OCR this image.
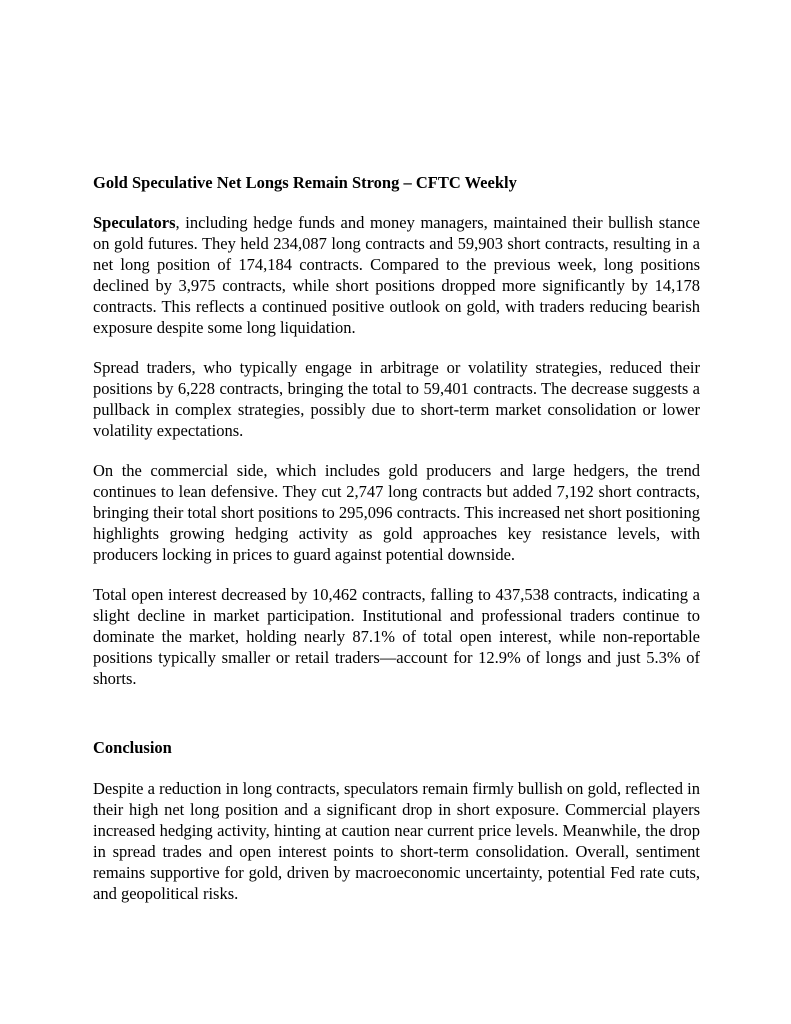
Gold Speculative Net Longs Remain Strong – CFTC Weekly

Speculators, including hedge funds and money managers, maintained their bullish stance on gold futures. They held 234,087 long contracts and 59,903 short contracts, resulting in a net long position of 174,184 contracts. Compared to the previous week, long positions declined by 3,975 contracts, while short positions dropped more significantly by 14,178 contracts. This reflects a continued positive outlook on gold, with traders reducing bearish exposure despite some long liquidation.

Spread traders, who typically engage in arbitrage or volatility strategies, reduced their positions by 6,228 contracts, bringing the total to 59,401 contracts. The decrease suggests a pullback in complex strategies, possibly due to short-term market consolidation or lower volatility expectations.

On the commercial side, which includes gold producers and large hedgers, the trend continues to lean defensive. They cut 2,747 long contracts but added 7,192 short contracts, bringing their total short positions to 295,096 contracts. This increased net short positioning highlights growing hedging activity as gold approaches key resistance levels, with producers locking in prices to guard against potential downside.

Total open interest decreased by 10,462 contracts, falling to 437,538 contracts, indicating a slight decline in market participation. Institutional and professional traders continue to dominate the market, holding nearly 87.1% of total open interest, while non-reportable positions typically smaller or retail traders—account for 12.9% of longs and just 5.3% of shorts.

Conclusion

Despite a reduction in long contracts, speculators remain firmly bullish on gold, reflected in their high net long position and a significant drop in short exposure. Commercial players increased hedging activity, hinting at caution near current price levels. Meanwhile, the drop in spread trades and open interest points to short-term consolidation. Overall, sentiment remains supportive for gold, driven by macroeconomic uncertainty, potential Fed rate cuts, and geopolitical risks.
